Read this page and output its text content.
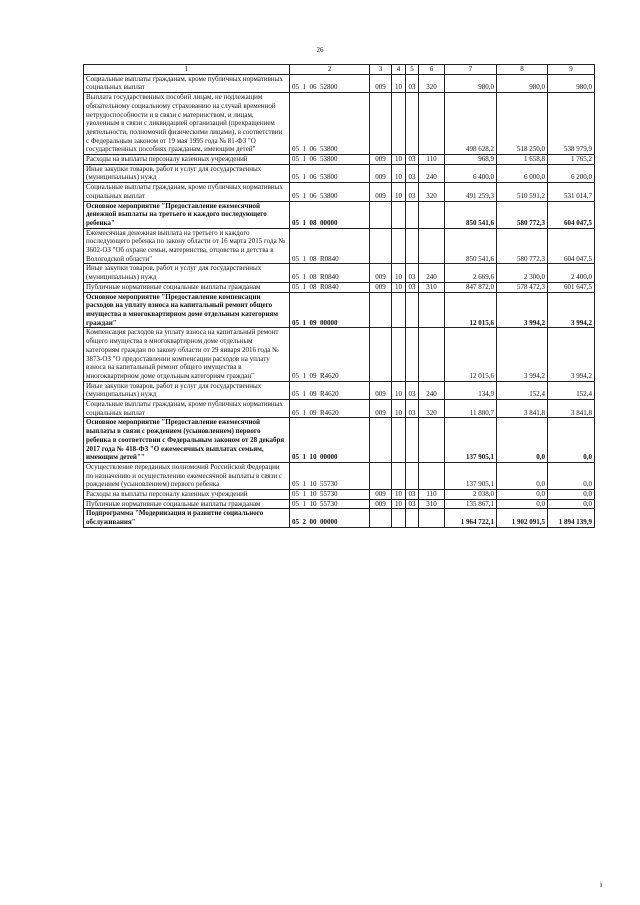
26
1	2	3	4	5	6	7	8	9
Социальные выплаты гражданам, кроме публичных нормативных социальных выплат	05  1  06  52800	009	10	03	320	980,0	980,0	980,0
Выплата государственных пособий лицам, не подлежащим обязательному социальному страхованию на случай временной нетрудоспособности и в связи с материнством, и лицам, уволенным в связи с ликвидацией организаций (прекращением деятельности, полномочий физическими лицами), в соответствии с Федеральным законом от 19 мая 1995 года № 81-ФЗ "О государственных пособиях гражданам, имеющим детей"	05  1  06  53800					498 628,2	518 250,0	538 979,9
Расходы на выплаты персоналу казенных учреждений	05  1  06  53800	009	10	03	110	968,9	1 658,8	1 765,2
Иные закупки товаров, работ и услуг для государственных (муниципальных) нужд	05  1  06  53800	009	10	03	240	6 400,0	6 000,0	6 200,0
Социальные выплаты гражданам, кроме публичных нормативных социальных выплат	05  1  06  53800	009	10	03	320	491 259,3	510 591,2	531 014,7
Основное мероприятие "Предоставление ежемесячной денежной выплаты на третьего и каждого последующего ребенка"	05  1  08  00000					850 541,6	580 772,3	604 047,5
Ежемесячная денежная выплата на третьего и каждого последующего ребенка по закону области от 16 марта 2015 года № 3602-ОЗ "Об охране семьи, материнства, отцовства и детства в Вологодской области"	05  1  08  R0840					850 541,6	580 772,3	604 047,5
Иные закупки товаров, работ и услуг для государственных (муниципальных) нужд	05  1  08  R0840	009	10	03	240	2 669,6	2 300,0	2 400,0
Публичные нормативные социальные выплаты гражданам	05  1  08  R0840	009	10	03	310	847 872,0	578 472,3	601 647,5
Основное мероприятие "Предоставление компенсации расходов на уплату взноса на капитальный ремонт общего имущества в многоквартирном доме отдельным категориям граждан"	05  1  09  00000					12 015,6	3 994,2	3 994,2
Компенсация расходов на уплату взноса на капитальный ремонт общего имущества в многоквартирном доме отдельным категориям граждан по закону области от 29 января 2016 года № 3873-ОЗ "О предоставлении компенсации расходов на уплату взноса на капитальный ремонт общего имущества в многоквартирном доме отдельным категориям граждан"	05  1  09  R4620					12 015,6	3 994,2	3 994,2
Иные закупки товаров, работ и услуг для государственных (муниципальных) нужд	05  1  09  R4620	009	10	03	240	134,9	152,4	152,4
Социальные выплаты гражданам, кроме публичных нормативных социальных выплат	05  1  09  R4620	009	10	03	320	11 880,7	3 841,8	3 841,8
Основное мероприятие "Предоставление ежемесячной выплаты в связи с рождением (усыновлением) первого ребенка в соответствии с Федеральным законом от 28 декабря 2017 года № 418-ФЗ "О ежемесячных выплатах семьям, имеющим детей""	05  1  10  00000					137 905,1	0,0	0,0
Осуществление переданных полномочий Российской Федерации по назначению и осуществлению ежемесячной выплаты в связи с рождением (усыновлением) первого ребенка	05  1  10  55730					137 905,1	0,0	0,0
Расходы на выплаты персоналу казенных учреждений	05  1  10  55730	009	10	03	110	2 038,0	0,0	0,0
Публичные нормативные социальные выплаты гражданам	05  1  10  55730	009	10	03	310	135 867,1	0,0	0,0
Подпрограмма "Модернизация и развитие социального обслуживания"	05  2  00  00000					1 964 722,1	1 902 091,5	1 894 139,9
i
